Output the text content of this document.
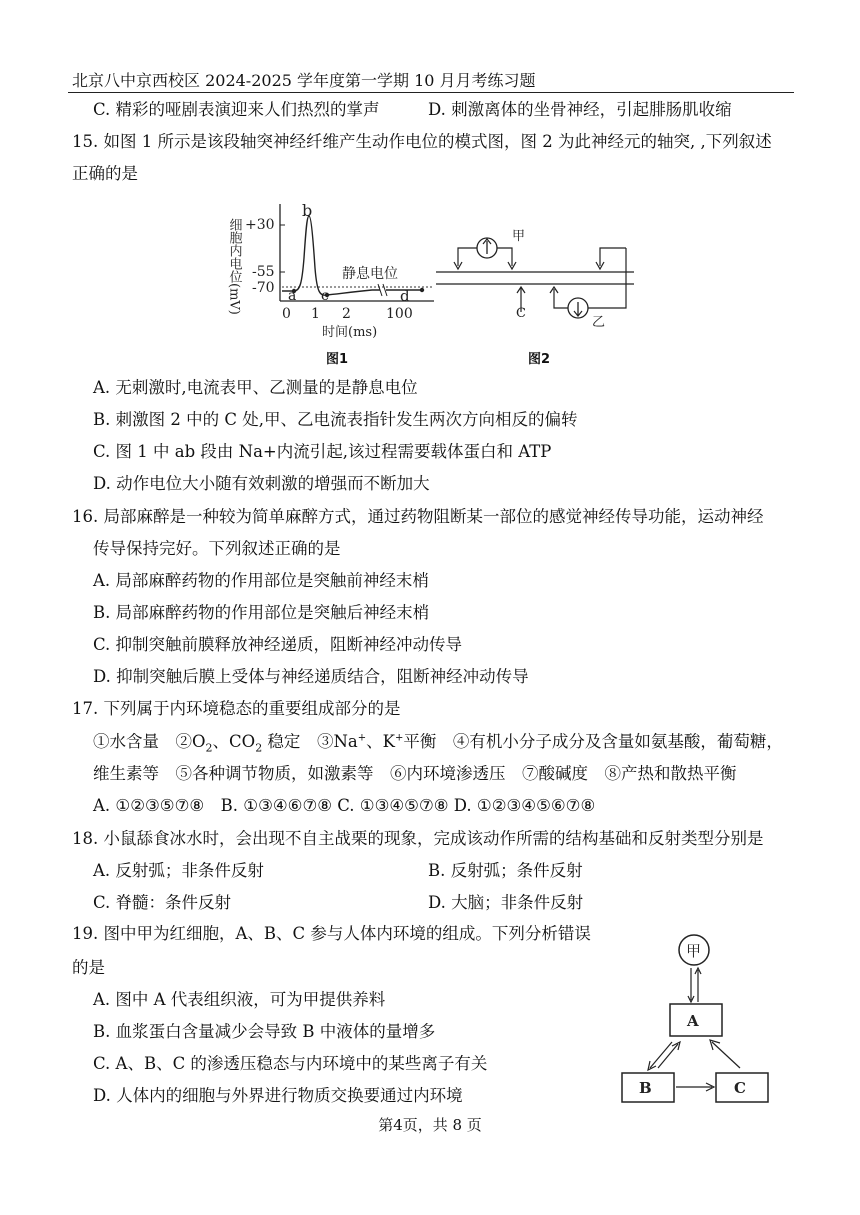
北京八中京西校区 2024-2025 学年度第一学期 10 月月考练习题
C. 精彩的哑剧表演迎来人们热烈的掌声	D. 刺激离体的坐骨神经，引起腓肠肌收缩
15. 如图 1 所示是该段轴突神经纤维产生动作电位的模式图，图 2 为此神经元的轴突, ,下列叙述
正确的是
细胞内电位(mV) +30
-55
-70 a
b
c	d
静息电位
0 1 2	100
时间(ms)
图1
甲
C
乙
图2
A. 无刺激时,电流表甲、乙测量的是静息电位
B. 刺激图 2 中的 C 处,甲、乙电流表指针发生两次方向相反的偏转
C. 图 1 中 ab 段由 Na+内流引起,该过程需要载体蛋白和 ATP
D. 动作电位大小随有效刺激的增强而不断加大
16. 局部麻醉是一种较为简单麻醉方式，通过药物阻断某一部位的感觉神经传导功能，运动神经
传导保持完好。下列叙述正确的是
A. 局部麻醉药物的作用部位是突触前神经末梢
B. 局部麻醉药物的作用部位是突触后神经末梢
C. 抑制突触前膜释放神经递质，阻断神经冲动传导
D. 抑制突触后膜上受体与神经递质结合，阻断神经冲动传导
17. 下列属于内环境稳态的重要组成部分的是
①水含量　 $②O_2$、$CO_2$ 稳定　 ③Na+、K+平衡　 ④有机小分子成分及含量如氨基酸，葡萄糖，
维生素等　⑤各种调节物质，如激素等　⑥内环境渗透压　⑦酸碱度　⑧产热和散热平衡
A. ①②③⑤⑦⑧　B. ①③④⑥⑦⑧ C. ①③④⑤⑦⑧ D. ①②③④⑤⑥⑦⑧
18. 小鼠舔食冰水时，会出现不自主战栗的现象，完成该动作所需的结构基础和反射类型分别是
A. 反射弧；非条件反射	B. 反射弧；条件反射
C. 脊髓：条件反射	D. 大脑；非条件反射
19. 图中甲为红细胞，A、B、C 参与人体内环境的组成。下列分析错误
的是
A. 图中 A 代表组织液，可为甲提供养料
B. 血浆蛋白含量减少会导致 B 中液体的量增多
C. A、B、C 的渗透压稳态与内环境中的某些离子有关
D. 人体内的细胞与外界进行物质交换要通过内环境
甲
A
B	C
第4页，共 8 页
